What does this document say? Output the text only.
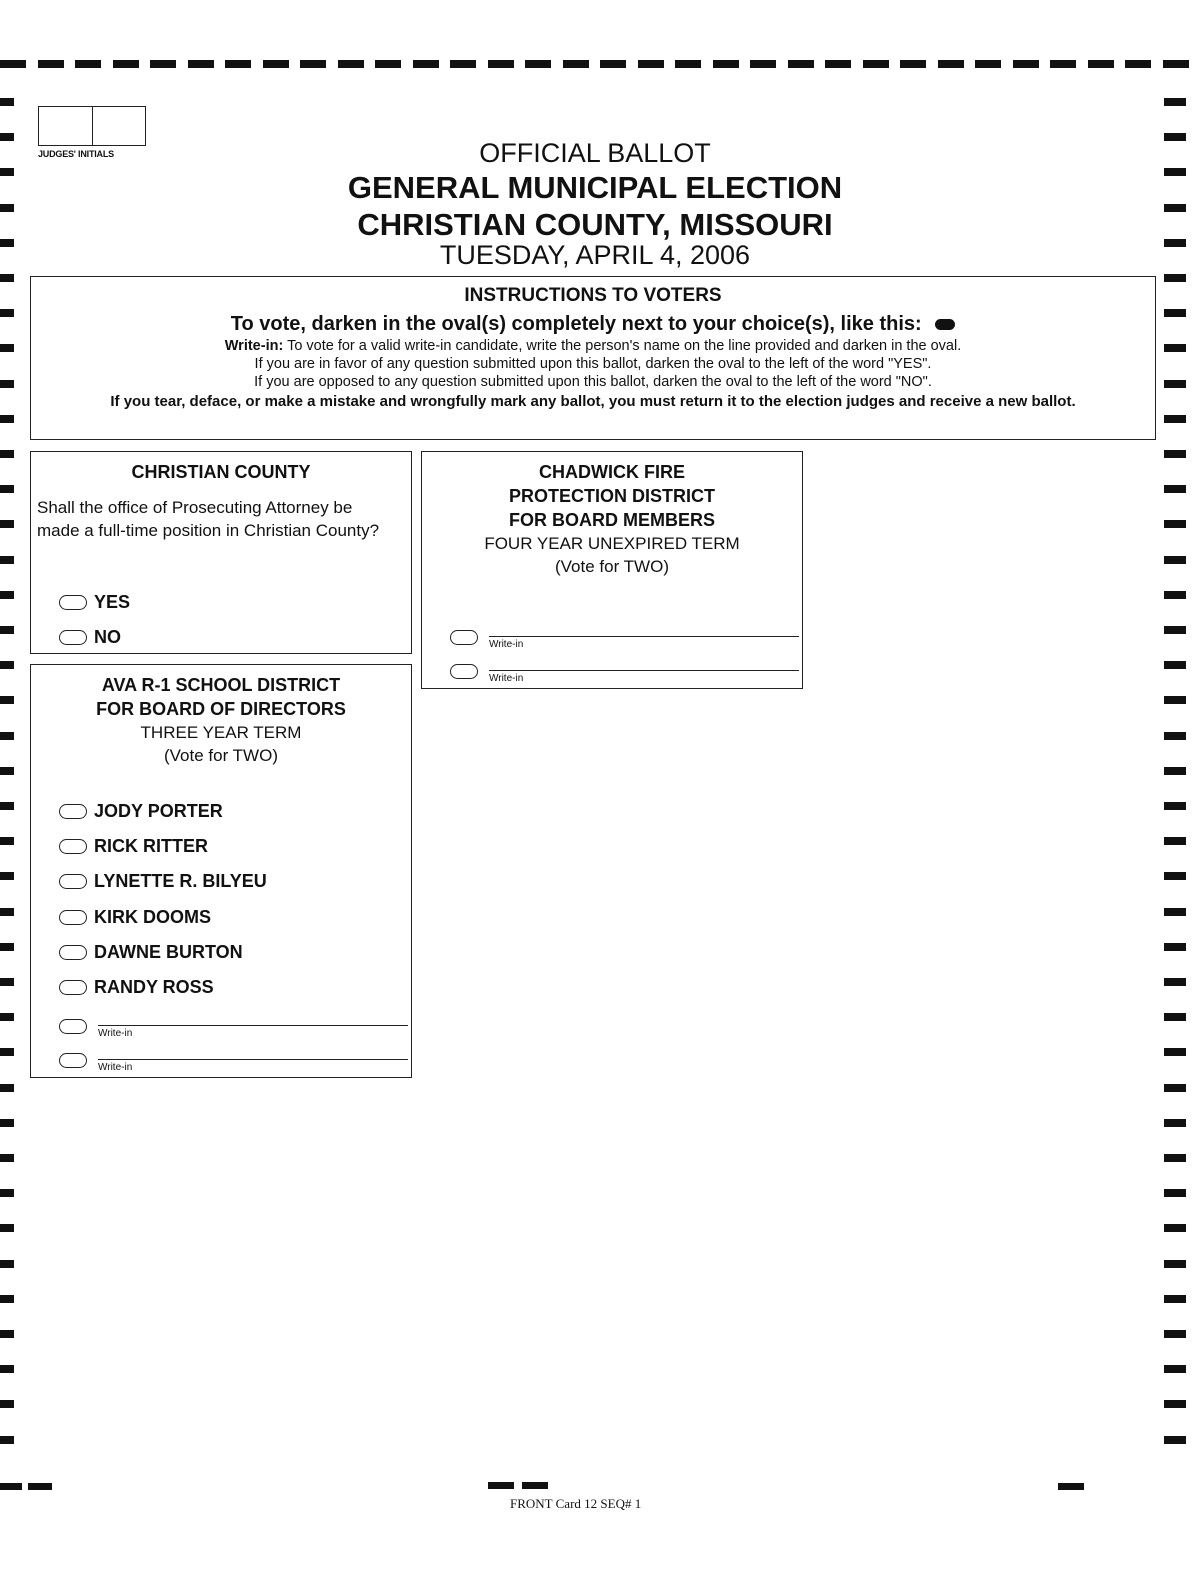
JUDGES' INITIALS	OFFICIAL BALLOT
GENERAL MUNICIPAL ELECTION
CHRISTIAN COUNTY, MISSOURI
TUESDAY, APRIL 4, 2006
INSTRUCTIONS TO VOTERS
To vote, darken in the oval(s) completely next to your choice(s), like this:
Write-in: To vote for a valid write-in candidate, write the person's name on the line provided and darken in the oval.
If you are in favor of any question submitted upon this ballot, darken the oval to the left of the word "YES".
If you are opposed to any question submitted upon this ballot, darken the oval to the left of the word "NO".
If you tear, deface, or make a mistake and wrongfully mark any ballot, you must return it to the election judges and receive a new ballot.
CHRISTIAN COUNTY
Shall the office of Prosecuting Attorney be
made a full-time position in Christian County?
YES
NO
CHADWICK FIRE
PROTECTION DISTRICT
FOR BOARD MEMBERS
FOUR YEAR UNEXPIRED TERM
(Vote for TWO)
Write-in
Write-in
AVA R-1 SCHOOL DISTRICT
FOR BOARD OF DIRECTORS
THREE YEAR TERM
(Vote for TWO)
JODY PORTER
RICK RITTER
LYNETTE R. BILYEU
KIRK DOOMS
DAWNE BURTON
RANDY ROSS
Write-in
Write-in
FRONT Card 12 SEQ# 1
